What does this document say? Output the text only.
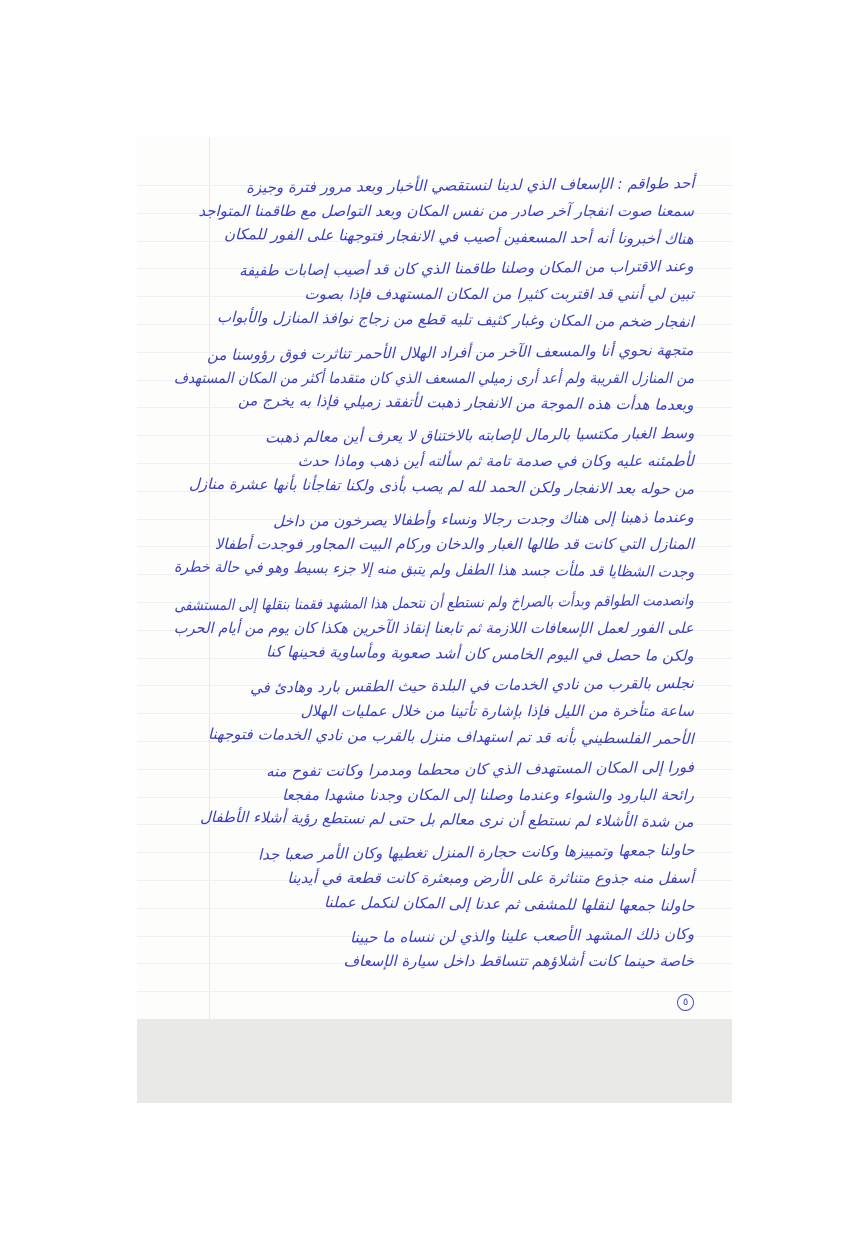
أحد طواقم : الإسعاف الذي لدينا لنستقصي الأخبار وبعد مرور فترة وجيزة
سمعنا صوت انفجار آخر صادر من نفس المكان وبعد التواصل مع طاقمنا المتواجد
هناك أخبرونا أنه أحد المسعفين أصيب في الانفجار فتوجهنا على الفور للمكان
وعند الاقتراب من المكان وصلنا طاقمنا الذي كان قد أصيب إصابات طفيفة
تبين لي أنني قد اقتربت كثيرا من المكان المستهدف فإذا بصوت
انفجار ضخم من المكان وغبار كثيف تليه قطع من زجاج نوافذ المنازل والأبواب
متجهة نحوي أنا والمسعف الآخر من أفراد الهلال الأحمر تناثرت فوق رؤوسنا من
من المنازل القريبة ولم أعد أرى زميلي المسعف الذي كان متقدما أكثر من المكان المستهدف
وبعدما هدأت هذه الموجة من الانفجار ذهبت لأتفقد زميلي فإذا به يخرج من
وسط الغبار مكتسيا بالرمال لإصابته بالاختناق لا يعرف أين معالم ذهبت
لأطمئنه عليه وكان في صدمة تامة ثم سألته أين ذهب وماذا حدث
من حوله بعد الانفجار ولكن الحمد لله لم يصب بأذى ولكنا تفاجأنا بأنها عشرة منازل
وعندما ذهبنا إلى هناك وجدت رجالا ونساء وأطفالا يصرخون من داخل
المنازل التي كانت قد طالها الغبار والدخان وركام البيت المجاور فوجدت أطفالا
وجدت الشظايا قد ملأت جسد هذا الطفل ولم يتبق منه إلا جزء بسيط وهو في حالة خطرة
وانصدمت الطواقم وبدأت بالصراخ ولم نستطع أن نتحمل هذا المشهد فقمنا بنقلها إلى المستشفى
على الفور لعمل الإسعافات اللازمة ثم تابعنا إنقاذ الآخرين هكذا كان يوم من أيام الحرب
ولكن ما حصل في اليوم الخامس كان أشد صعوبة ومأساوية فحينها كنا
نجلس بالقرب من نادي الخدمات في البلدة حيث الطقس بارد وهادئ في
ساعة متأخرة من الليل فإذا بإشارة تأتينا من خلال عمليات الهلال
الأحمر الفلسطيني بأنه قد تم استهداف منزل بالقرب من نادي الخدمات فتوجهنا
فورا إلى المكان المستهدف الذي كان محطما ومدمرا وكانت تفوح منه
رائحة البارود والشواء وعندما وصلنا إلى المكان وجدنا مشهدا مفجعا
من شدة الأشلاء لم نستطع أن نرى معالم بل حتى لم نستطع رؤية أشلاء الأطفال
حاولنا جمعها وتمييزها وكانت حجارة المنزل تغطيها وكان الأمر صعبا جدا
أسفل منه جذوع متناثرة على الأرض ومبعثرة كانت قطعة في أيدينا
حاولنا جمعها لنقلها للمشفى ثم عدنا إلى المكان لنكمل عملنا
وكان ذلك المشهد الأصعب علينا والذي لن ننساه ما حيينا
خاصة حينما كانت أشلاؤهم تتساقط داخل سيارة الإسعاف
٥
